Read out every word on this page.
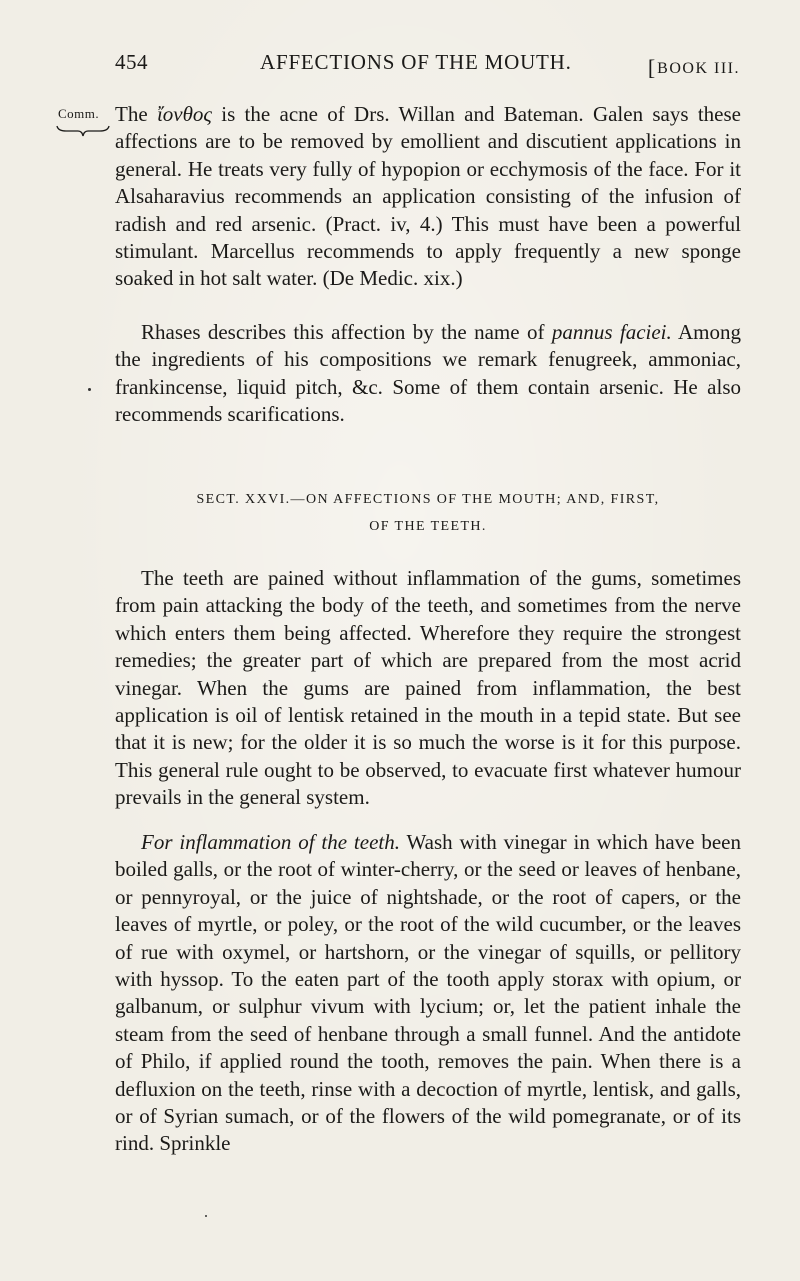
454	AFFECTIONS OF THE MOUTH.	[ BOOK III.
Comm. The ἴονθος is the acne of Drs. Willan and Bateman. Galen says these affections are to be removed by emollient and discutient applications in general. He treats very fully of hypopion or ecchymosis of the face. For it Alsaharavius recommends an application consisting of the infusion of radish and red arsenic. (Pract. iv, 4.) This must have been a powerful stimulant. Marcellus recommends to apply frequently a new sponge soaked in hot salt water. (De Medic. xix.)

Rhases describes this affection by the name of pannus faciei. Among the ingredients of his compositions we remark fenugreek, ammoniac, frankincense, liquid pitch, &c. Some of them contain arsenic. He also recommends scarifications.

SECT. XXVI.—ON AFFECTIONS OF THE MOUTH; AND, FIRST,
OF THE TEETH.

The teeth are pained without inflammation of the gums, sometimes from pain attacking the body of the teeth, and sometimes from the nerve which enters them being affected. Wherefore they require the strongest remedies; the greater part of which are prepared from the most acrid vinegar. When the gums are pained from inflammation, the best application is oil of lentisk retained in the mouth in a tepid state. But see that it is new; for the older it is so much the worse is it for this purpose. This general rule ought to be observed, to evacuate first whatever humour prevails in the general system.

For inflammation of the teeth. Wash with vinegar in which have been boiled galls, or the root of winter-cherry, or the seed or leaves of henbane, or pennyroyal, or the juice of nightshade, or the root of capers, or the leaves of myrtle, or poley, or the root of the wild cucumber, or the leaves of rue with oxymel, or hartshorn, or the vinegar of squills, or pellitory with hyssop. To the eaten part of the tooth apply storax with opium, or galbanum, or sulphur vivum with lycium; or, let the patient inhale the steam from the seed of henbane through a small funnel. And the antidote of Philo, if applied round the tooth, removes the pain. When there is a defluxion on the teeth, rinse with a decoction of myrtle, lentisk, and galls, or of Syrian sumach, or of the flowers of the wild pomegranate, or of its rind. Sprinkle
